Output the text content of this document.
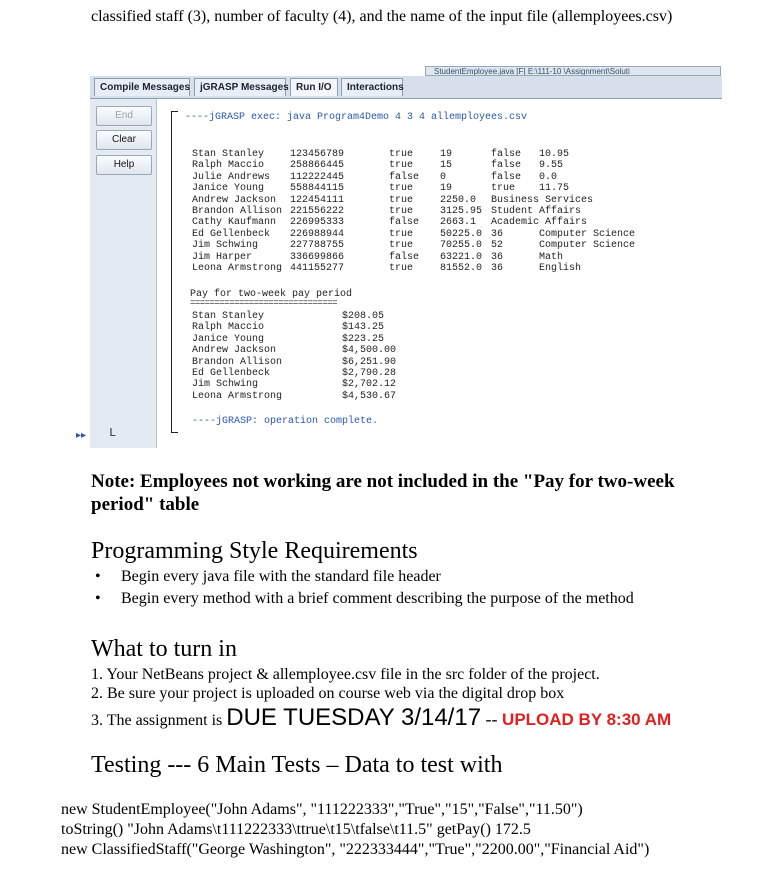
classified staff (3), number of faculty (4), and the name of the input file (allemployees.csv)
StudentEmployee.java [F] E:\111-10 \Assignment\Soluti
Compile Messages jGRASP Messages Run I/O	Interactions
End
Clear
Help
----jGRASP exec: java Program4Demo 4 3 4 allemployees.csv
Stan Stanley	123456789	true	19	false 10.95
Ralph Maccio	258866445	true	15	false 9.55
Julie Andrews 112222445	false 0	false 0.0
Janice Young	558844115	true	19	true 11.75
Andrew Jackson 122454111	true	2250.0 Business Services
Brandon Allison 221556222	true	3125.95 Student Affairs
Cathy Kaufmann 226995333	false 2663.1 Academic Affairs
Ed Gellenbeck 226988944	true	50225.0 36	Computer Science
Jim Schwing	227788755	true	70255.0 52	Computer Science
Jim Harper	336699866	false 63221.0 36	Math
Leona Armstrong 441155277	true	81552.0 36	English
Pay for two-week pay period
==============================
Stan Stanley	$208.05
Ralph Maccio	$143.25
Janice Young	$223.25
Andrew Jackson	$4,500.00
Brandon Allison	$6,251.90
Ed Gellenbeck	$2,790.28
Jim Schwing	$2,702.12
Leona Armstrong	$4,530.67
----jGRASP: operation complete.
▸▸ L
Note: Employees not working are not included in the "Pay for two-week period" table
Programming Style Requirements
• Begin every java file with the standard file header
• Begin every method with a brief comment describing the purpose of the method
What to turn in
1. Your NetBeans project & allemployee.csv file in the src folder of the project.
2. Be sure your project is uploaded on course web via the digital drop box
3. The assignment is DUE TUESDAY 3/14/17 -- UPLOAD BY 8:30 AM
Testing --- 6 Main Tests – Data to test with
new StudentEmployee("John Adams", "111222333","True","15","False","11.50")
toString() "John Adams\t111222333\ttrue\t15\tfalse\t11.5" getPay() 172.5
new ClassifiedStaff("George Washington", "222333444","True","2200.00","Financial Aid")
